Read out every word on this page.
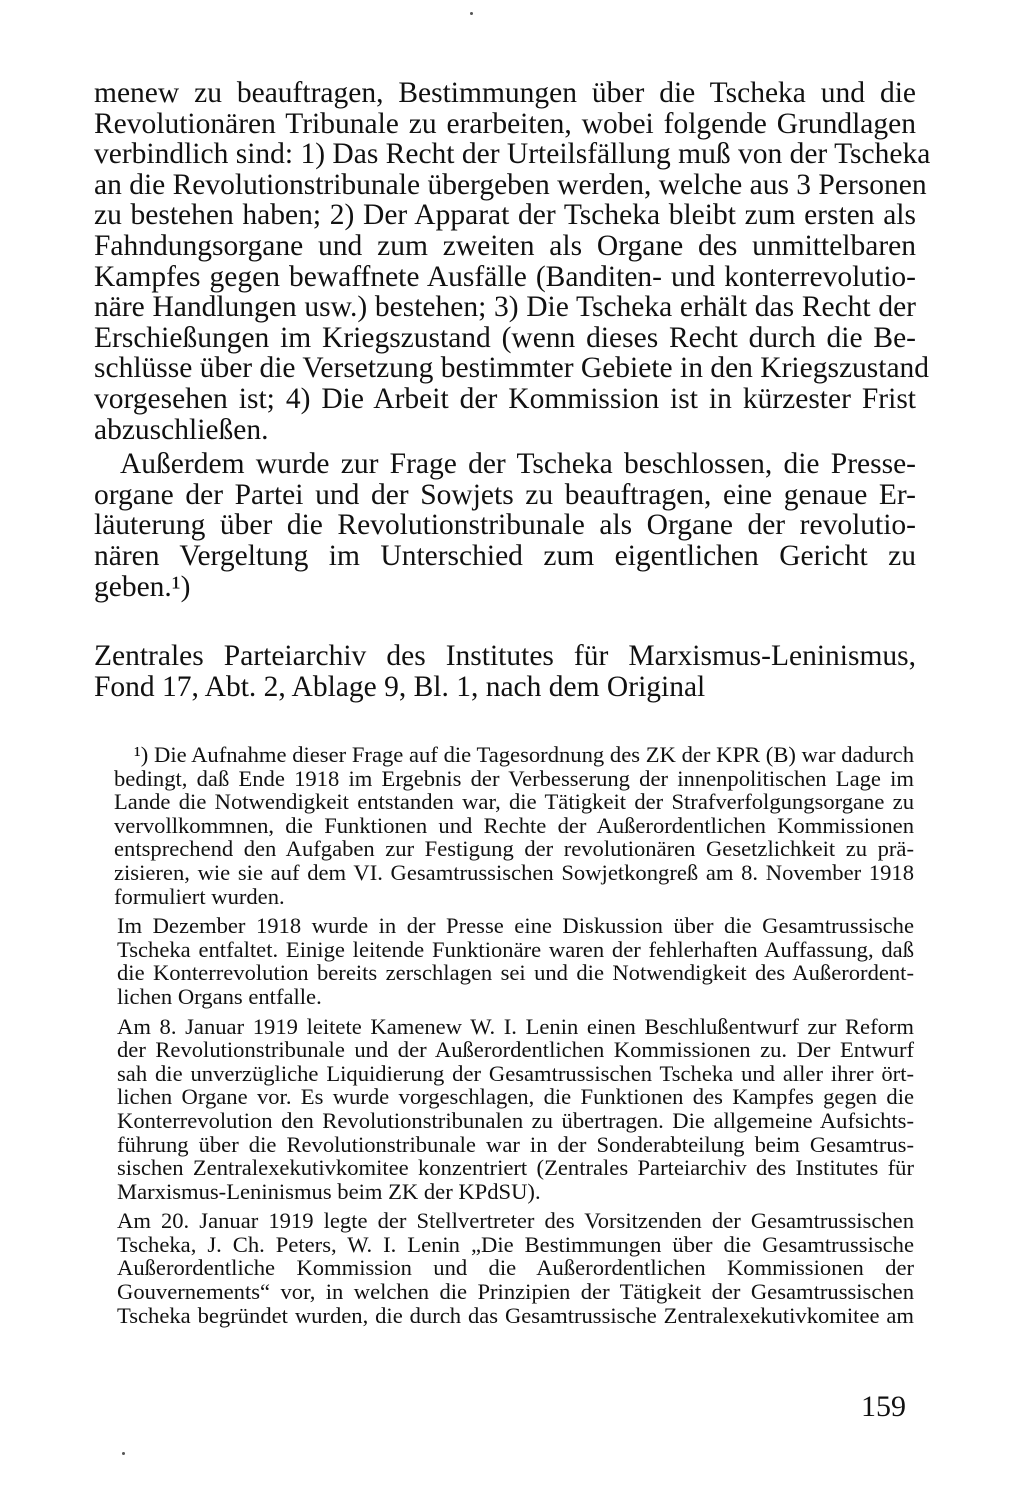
menew zu beauftragen, Bestimmungen über die Tscheka und die
Revolutionären Tribunale zu erarbeiten, wobei folgende Grundlagen
verbindlich sind: 1) Das Recht der Urteilsfällung muß von der Tscheka
an die Revolutionstribunale übergeben werden, welche aus 3 Personen
zu bestehen haben; 2) Der Apparat der Tscheka bleibt zum ersten als
Fahndungsorgane und zum zweiten als Organe des unmittelbaren
Kampfes gegen bewaffnete Ausfälle (Banditen- und konterrevolutio-
näre Handlungen usw.) bestehen; 3) Die Tscheka erhält das Recht der
Erschießungen im Kriegszustand (wenn dieses Recht durch die Be-
schlüsse über die Versetzung bestimmter Gebiete in den Kriegszustand
vorgesehen ist; 4) Die Arbeit der Kommission ist in kürzester Frist
abzuschließen.

Außerdem wurde zur Frage der Tscheka beschlossen, die Presse-
organe der Partei und der Sowjets zu beauftragen, eine genaue Er-
läuterung über die Revolutionstribunale als Organe der revolutio-
nären Vergeltung im Unterschied zum eigentlichen Gericht zu
geben.¹)

Zentrales Parteiarchiv des Institutes für Marxismus-Leninismus,
Fond 17, Abt. 2, Ablage 9, Bl. 1, nach dem Original

¹) Die Aufnahme dieser Frage auf die Tagesordnung des ZK der KPR (B) war dadurch
bedingt, daß Ende 1918 im Ergebnis der Verbesserung der innenpolitischen Lage im
Lande die Notwendigkeit entstanden war, die Tätigkeit der Strafverfolgungsorgane zu
vervollkommnen, die Funktionen und Rechte der Außerordentlichen Kommissionen
entsprechend den Aufgaben zur Festigung der revolutionären Gesetzlichkeit zu prä-
zisieren, wie sie auf dem VI. Gesamtrussischen Sowjetkongreß am 8. November 1918
formuliert wurden.

Im Dezember 1918 wurde in der Presse eine Diskussion über die Gesamtrussische
Tscheka entfaltet. Einige leitende Funktionäre waren der fehlerhaften Auffassung, daß
die Konterrevolution bereits zerschlagen sei und die Notwendigkeit des Außerordent-
lichen Organs entfalle.

Am 8. Januar 1919 leitete Kamenew W. I. Lenin einen Beschlußentwurf zur Reform
der Revolutionstribunale und der Außerordentlichen Kommissionen zu. Der Entwurf
sah die unverzügliche Liquidierung der Gesamtrussischen Tscheka und aller ihrer ört-
lichen Organe vor. Es wurde vorgeschlagen, die Funktionen des Kampfes gegen die
Konterrevolution den Revolutionstribunalen zu übertragen. Die allgemeine Aufsichts-
führung über die Revolutionstribunale war in der Sonderabteilung beim Gesamtrus-
sischen Zentralexekutivkomitee konzentriert (Zentrales Parteiarchiv des Institutes für
Marxismus-Leninismus beim ZK der KPdSU).

Am 20. Januar 1919 legte der Stellvertreter des Vorsitzenden der Gesamtrussischen
Tscheka, J. Ch. Peters, W. I. Lenin „Die Bestimmungen über die Gesamtrussische
Außerordentliche Kommission und die Außerordentlichen Kommissionen der
Gouvernements“ vor, in welchen die Prinzipien der Tätigkeit der Gesamtrussischen
Tscheka begründet wurden, die durch das Gesamtrussische Zentralexekutivkomitee am

159
